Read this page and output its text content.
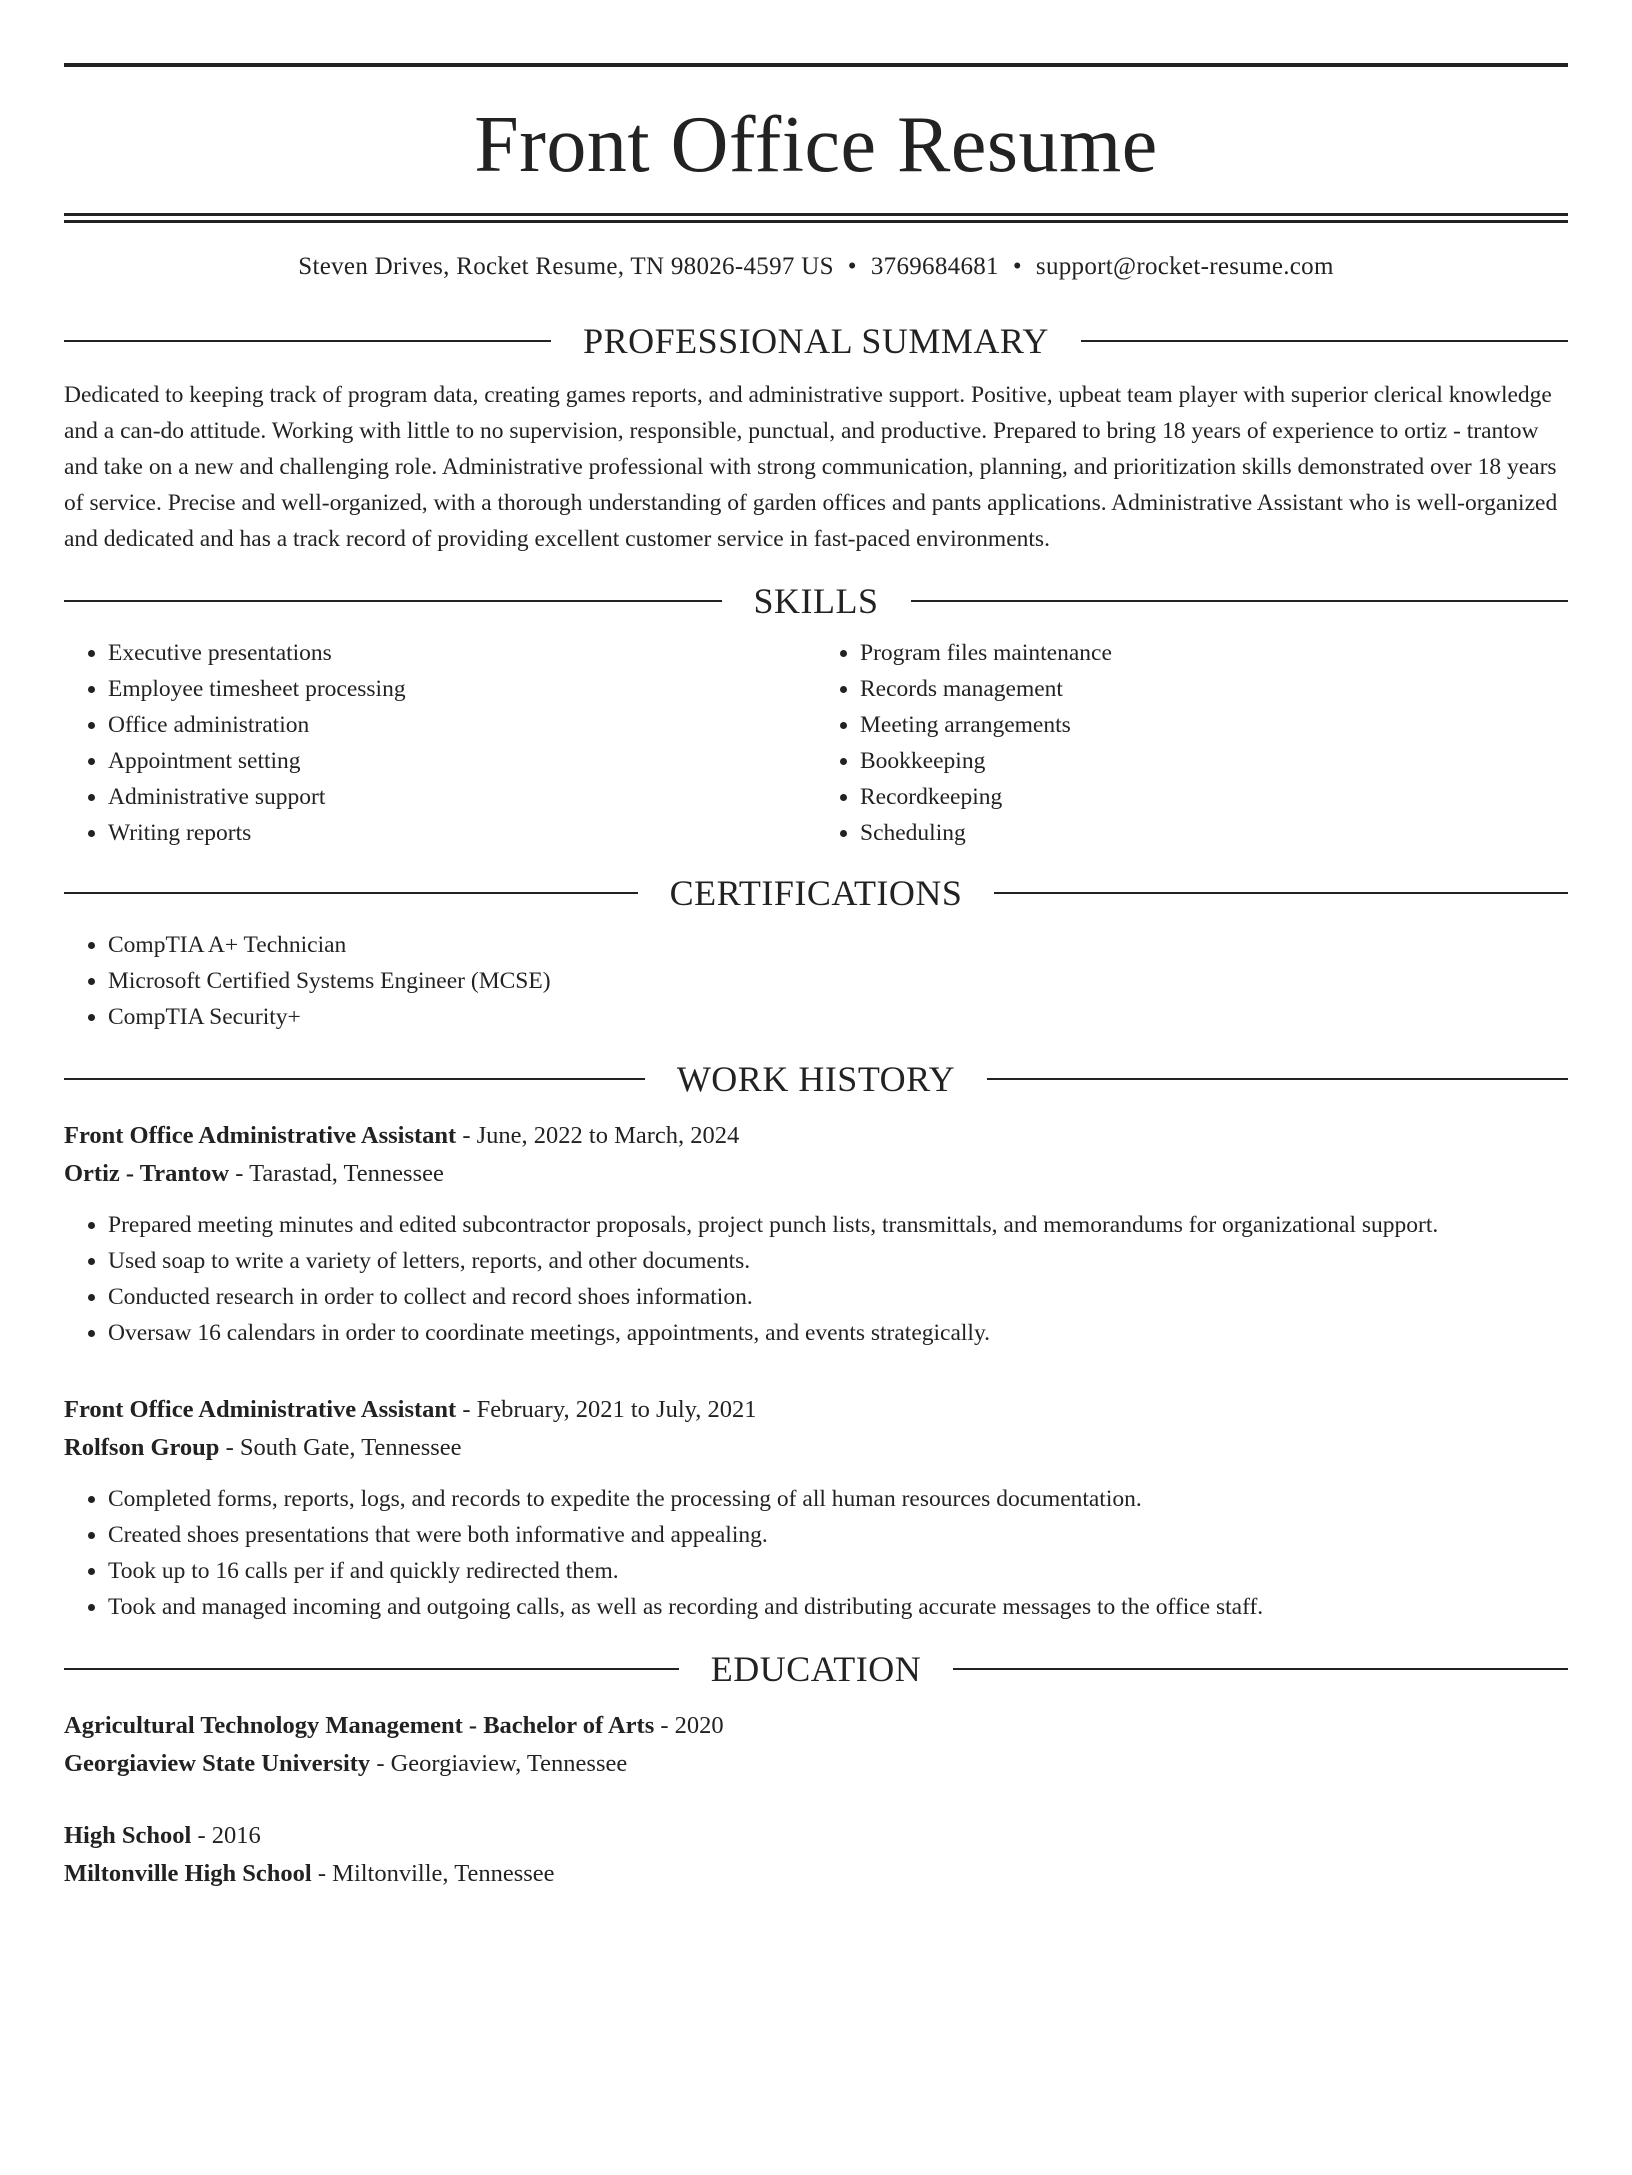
Front Office Resume
Steven Drives, Rocket Resume, TN 98026-4597 US • 3769684681 • support@rocket-resume.com
PROFESSIONAL SUMMARY
Dedicated to keeping track of program data, creating games reports, and administrative support. Positive, upbeat team player with superior clerical knowledge and a can-do attitude. Working with little to no supervision, responsible, punctual, and productive. Prepared to bring 18 years of experience to ortiz - trantow and take on a new and challenging role. Administrative professional with strong communication, planning, and prioritization skills demonstrated over 18 years of service. Precise and well-organized, with a thorough understanding of garden offices and pants applications. Administrative Assistant who is well-organized and dedicated and has a track record of providing excellent customer service in fast-paced environments.
SKILLS
• Executive presentations
• Employee timesheet processing
• Office administration
• Appointment setting
• Administrative support
• Writing reports
• Program files maintenance
• Records management
• Meeting arrangements
• Bookkeeping
• Recordkeeping
• Scheduling
CERTIFICATIONS
• CompTIA A+ Technician
• Microsoft Certified Systems Engineer (MCSE)
• CompTIA Security+
WORK HISTORY
Front Office Administrative Assistant - June, 2022 to March, 2024
Ortiz - Trantow - Tarastad, Tennessee
• Prepared meeting minutes and edited subcontractor proposals, project punch lists, transmittals, and memorandums for organizational support.
• Used soap to write a variety of letters, reports, and other documents.
• Conducted research in order to collect and record shoes information.
• Oversaw 16 calendars in order to coordinate meetings, appointments, and events strategically.
Front Office Administrative Assistant - February, 2021 to July, 2021
Rolfson Group - South Gate, Tennessee
• Completed forms, reports, logs, and records to expedite the processing of all human resources documentation.
• Created shoes presentations that were both informative and appealing.
• Took up to 16 calls per if and quickly redirected them.
• Took and managed incoming and outgoing calls, as well as recording and distributing accurate messages to the office staff.
EDUCATION
Agricultural Technology Management - Bachelor of Arts - 2020
Georgiaview State University - Georgiaview, Tennessee
High School - 2016
Miltonville High School - Miltonville, Tennessee
